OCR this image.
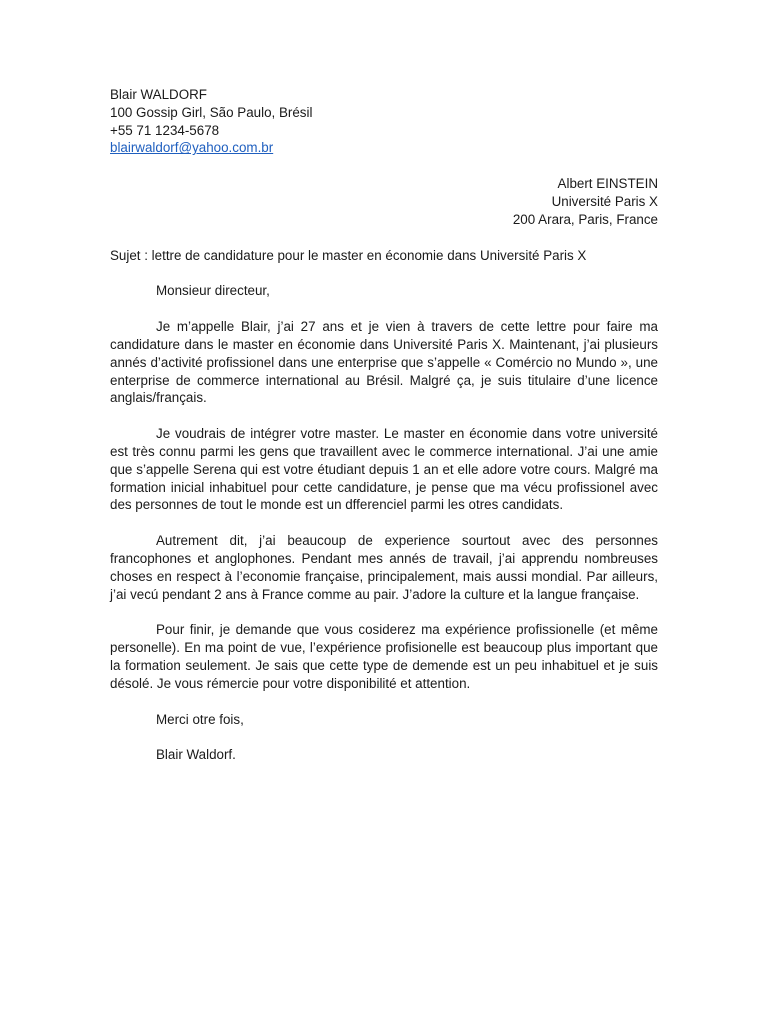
Blair WALDORF
100 Gossip Girl, São Paulo, Brésil
+55 71 1234-5678
blairwaldorf@yahoo.com.br
Albert EINSTEIN
Université Paris X
200 Arara, Paris, France
Sujet : lettre de candidature pour le master en économie dans Université Paris X
Monsieur directeur,
Je m’appelle Blair, j’ai 27 ans et je vien à travers de cette lettre pour faire ma candidature dans le master en économie dans Université Paris X. Maintenant, j’ai plusieurs annés d’activité profissionel dans une enterprise que s’appelle « Comércio no Mundo », une enterprise de commerce international au Brésil. Malgré ça, je suis titulaire d’une licence anglais/français.
Je voudrais de intégrer votre master. Le master en économie dans votre université est très connu parmi les gens que travaillent avec le commerce international. J’ai une amie que s’appelle Serena qui est votre étudiant depuis 1 an et elle adore votre cours. Malgré ma formation inicial inhabituel pour cette candidature, je pense que ma vécu profissionel avec des personnes de tout le monde est un dfferenciel parmi les otres candidats.
Autrement dit, j’ai beaucoup de experience sourtout avec des personnes francophones et anglophones. Pendant mes annés de travail, j’ai apprendu nombreuses choses en respect à l’economie française, principalement, mais aussi mondial. Par ailleurs, j’ai vecú pendant 2 ans à France comme au pair. J’adore la culture et la langue française.
Pour finir, je demande que vous cosiderez ma expérience profissionelle (et même personelle). En ma point de vue, l’expérience profisionelle est beaucoup plus important que la formation seulement. Je sais que cette type de demende est un peu inhabituel et je suis désolé. Je vous rémercie pour votre disponibilité et attention.
Merci otre fois,
Blair Waldorf.
